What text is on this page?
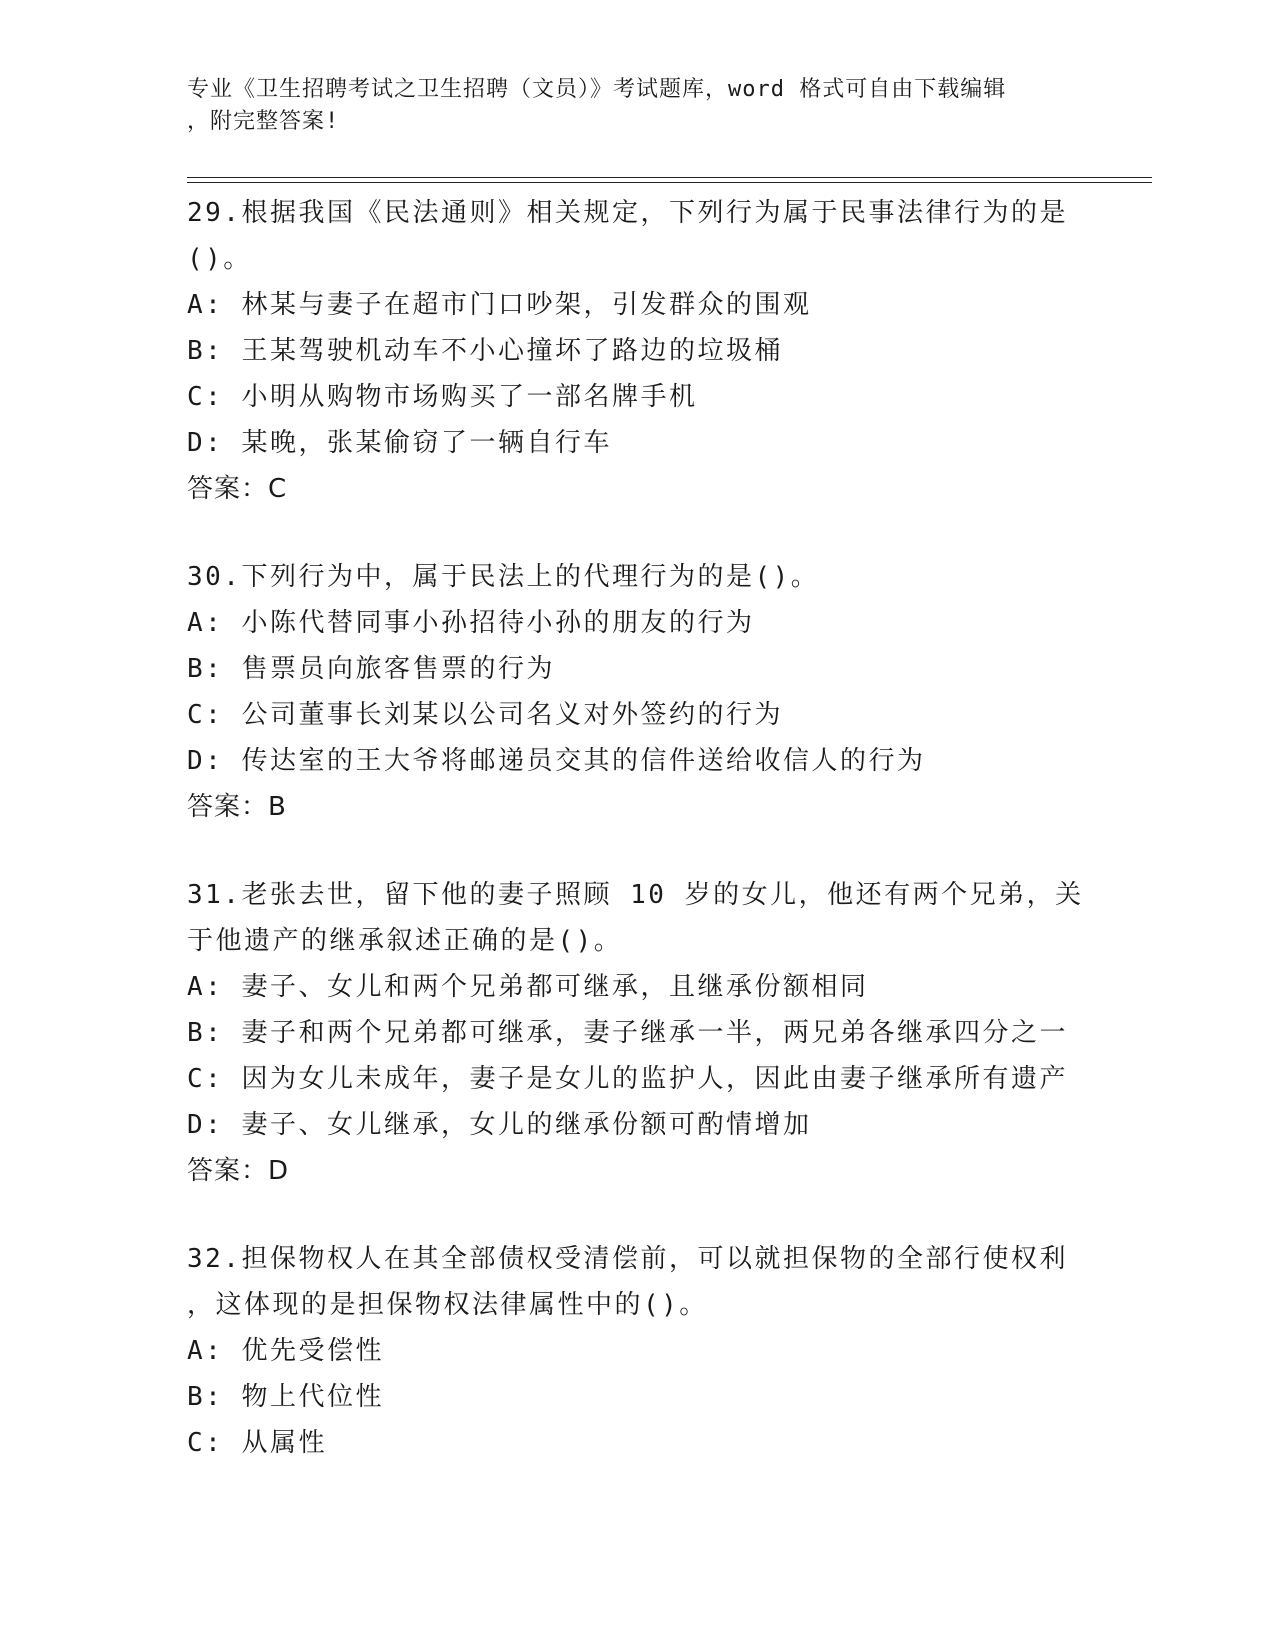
专业《卫生招聘考试之卫生招聘（文员）》考试题库，word 格式可自由下载编辑
，附完整答案!
29.根据我国《民法通则》相关规定，下列行为属于民事法律行为的是
()。
A: 林某与妻子在超市门口吵架，引发群众的围观
B: 王某驾驶机动车不小心撞坏了路边的垃圾桶
C: 小明从购物市场购买了一部名牌手机
D: 某晚，张某偷窃了一辆自行车
答案：C
30.下列行为中，属于民法上的代理行为的是()。
A: 小陈代替同事小孙招待小孙的朋友的行为
B: 售票员向旅客售票的行为
C: 公司董事长刘某以公司名义对外签约的行为
D: 传达室的王大爷将邮递员交其的信件送给收信人的行为
答案：B
31.老张去世，留下他的妻子照顾 10 岁的女儿，他还有两个兄弟，关
于他遗产的继承叙述正确的是()。
A: 妻子、女儿和两个兄弟都可继承，且继承份额相同
B: 妻子和两个兄弟都可继承，妻子继承一半，两兄弟各继承四分之一
C: 因为女儿未成年，妻子是女儿的监护人，因此由妻子继承所有遗产
D: 妻子、女儿继承，女儿的继承份额可酌情增加
答案：D
32.担保物权人在其全部债权受清偿前，可以就担保物的全部行使权利
，这体现的是担保物权法律属性中的()。
A: 优先受偿性
B: 物上代位性
C: 从属性
